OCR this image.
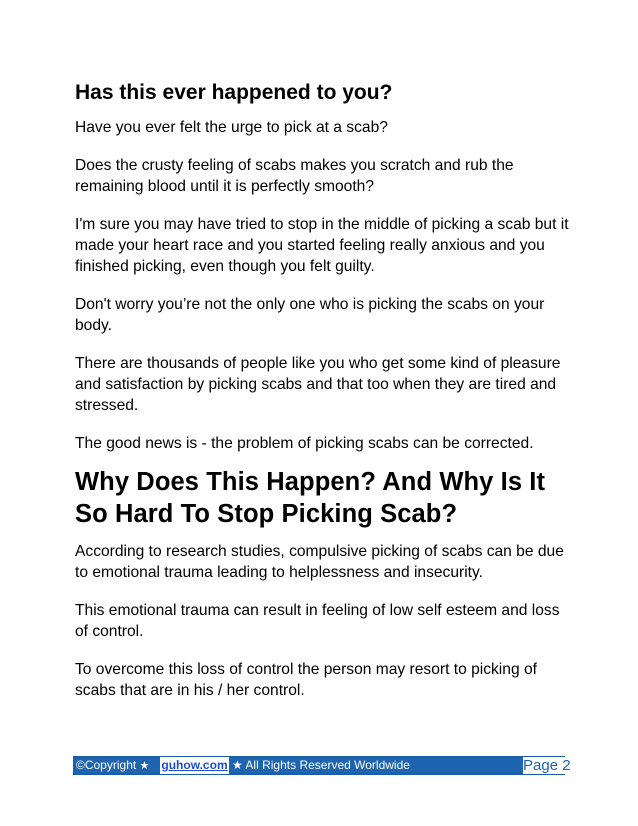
Has this ever happened to you?

Have you ever felt the urge to pick at a scab?

Does the crusty feeling of scabs makes you scratch and rub the remaining blood until it is perfectly smooth?

I'm sure you may have tried to stop in the middle of picking a scab but it made your heart race and you started feeling really anxious and you finished picking, even though you felt guilty.

Don't worry you’re not the only one who is picking the scabs on your body.

There are thousands of people like you who get some kind of pleasure and satisfaction by picking scabs and that too when they are tired and stressed.

The good news is - the problem of picking scabs can be corrected.

Why Does This Happen? And Why Is It So Hard To Stop Picking Scab?

According to research studies, compulsive picking of scabs can be due to emotional trauma leading to helplessness and insecurity.

This emotional trauma can result in feeling of low self esteem and loss of control.

To overcome this loss of control the person may resort to picking of scabs that are in his / her control.

©Copyright ★ guhow.com ★ All Rights Reserved Worldwide	Page 2
